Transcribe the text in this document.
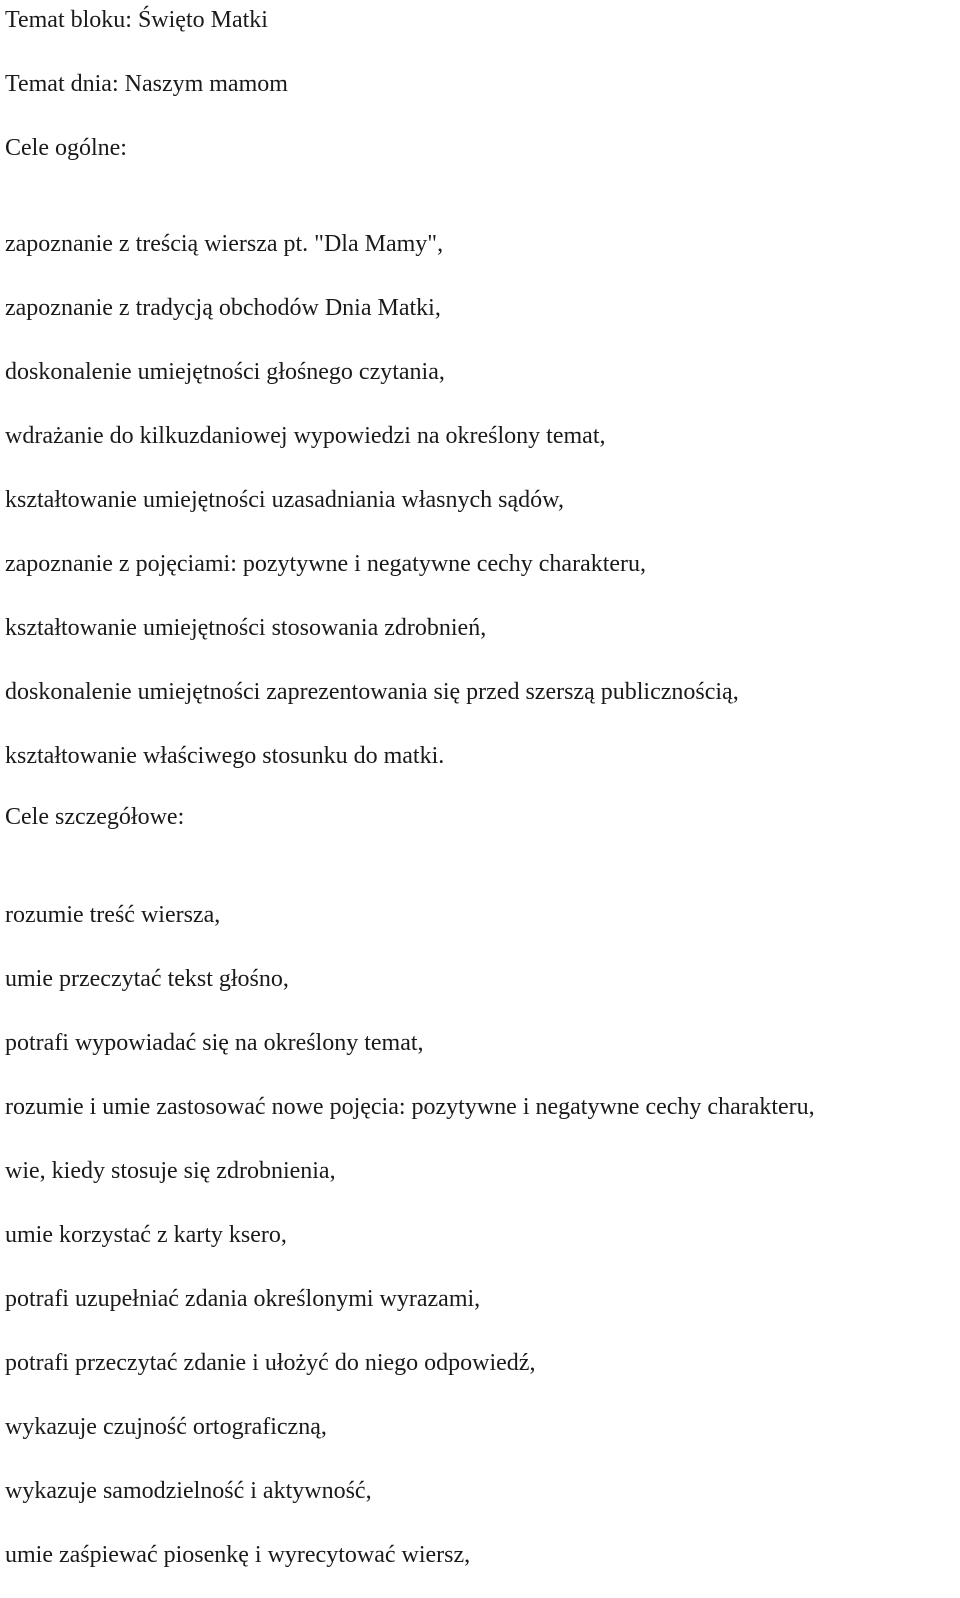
Temat bloku: Święto Matki
Temat dnia: Naszym mamom
Cele ogólne:
zapoznanie z treścią wiersza pt. "Dla Mamy",
zapoznanie z tradycją obchodów Dnia Matki,
doskonalenie umiejętności głośnego czytania,
wdrażanie do kilkuzdaniowej wypowiedzi na określony temat,
kształtowanie umiejętności uzasadniania własnych sądów,
zapoznanie z pojęciami: pozytywne i negatywne cechy charakteru,
kształtowanie umiejętności stosowania zdrobnień,
doskonalenie umiejętności zaprezentowania się przed szerszą publicznością,
kształtowanie właściwego stosunku do matki.
Cele szczegółowe:
rozumie treść wiersza,
umie przeczytać tekst głośno,
potrafi wypowiadać się na określony temat,
rozumie i umie zastosować nowe pojęcia: pozytywne i negatywne cechy charakteru,
wie, kiedy stosuje się zdrobnienia,
umie korzystać z karty ksero,
potrafi uzupełniać zdania określonymi wyrazami,
potrafi przeczytać zdanie i ułożyć do niego odpowiedź,
wykazuje czujność ortograficzną,
wykazuje samodzielność i aktywność,
umie zaśpiewać piosenkę i wyrecytować wiersz,
